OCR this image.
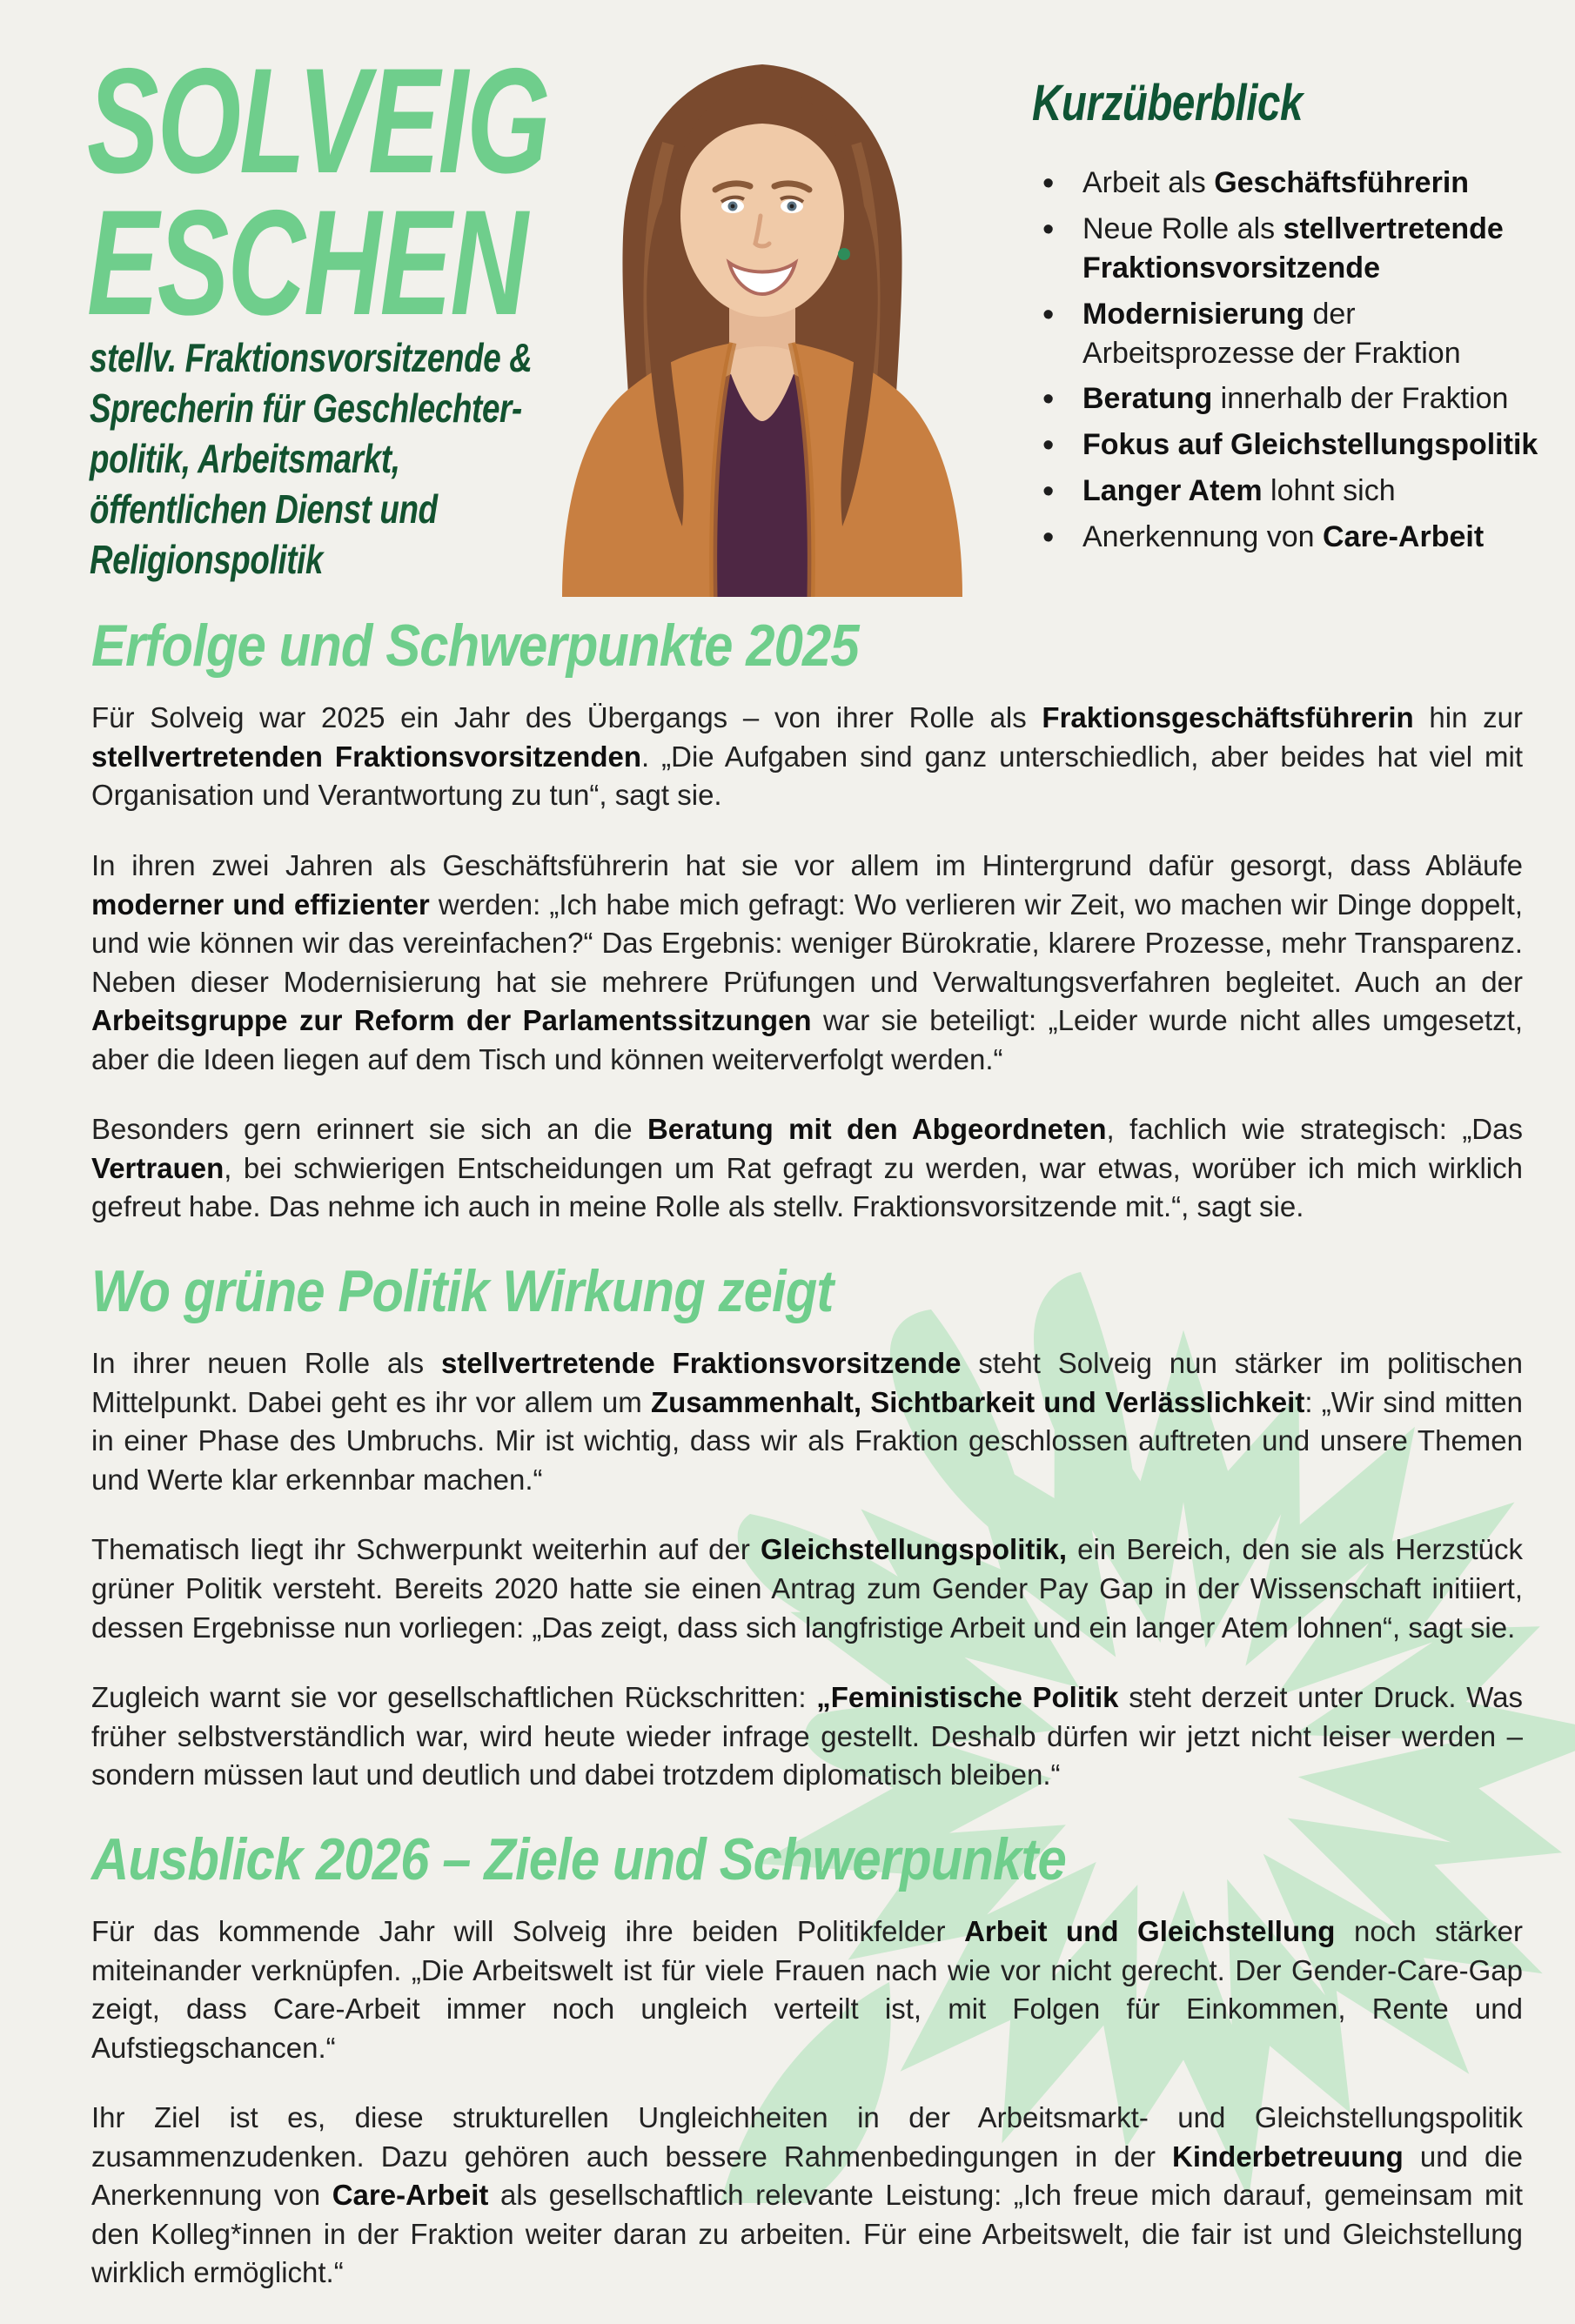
SOLVEIG
ESCHEN
stellv. Fraktionsvorsitzende &
Sprecherin für Geschlechter-
politik, Arbeitsmarkt,
öffentlichen Dienst und
Religionspolitik
Kurzüberblick
• Arbeit als Geschäftsführerin
• Neue Rolle als stellvertretende Fraktionsvorsitzende
• Modernisierung der Arbeitsprozesse der Fraktion
• Beratung innerhalb der Fraktion
• Fokus auf Gleichstellungspolitik
• Langer Atem lohnt sich
• Anerkennung von Care-Arbeit
Erfolge und Schwerpunkte 2025

Für Solveig war 2025 ein Jahr des Übergangs – von ihrer Rolle als Fraktionsgeschäftsführerin hin zur stellvertretenden Fraktionsvorsitzenden. „Die Aufgaben sind ganz unterschiedlich, aber beides hat viel mit Organisation und Verantwortung zu tun“, sagt sie.

In ihren zwei Jahren als Geschäftsführerin hat sie vor allem im Hintergrund dafür gesorgt, dass Abläufe moderner und effizienter werden: „Ich habe mich gefragt: Wo verlieren wir Zeit, wo machen wir Dinge doppelt, und wie können wir das vereinfachen?“ Das Ergebnis: weniger Bürokratie, klarere Prozesse, mehr Transparenz. Neben dieser Modernisierung hat sie mehrere Prüfungen und Verwaltungsverfahren begleitet. Auch an der Arbeitsgruppe zur Reform der Parlamentssitzungen war sie beteiligt: „Leider wurde nicht alles umgesetzt, aber die Ideen liegen auf dem Tisch und können weiterverfolgt werden.“

Besonders gern erinnert sie sich an die Beratung mit den Abgeordneten, fachlich wie strategisch: „Das Vertrauen, bei schwierigen Entscheidungen um Rat gefragt zu werden, war etwas, worüber ich mich wirklich gefreut habe. Das nehme ich auch in meine Rolle als stellv. Fraktionsvorsitzende mit.“, sagt sie.

Wo grüne Politik Wirkung zeigt

In ihrer neuen Rolle als stellvertretende Fraktionsvorsitzende steht Solveig nun stärker im politischen Mittelpunkt. Dabei geht es ihr vor allem um Zusammenhalt, Sichtbarkeit und Verlässlichkeit: „Wir sind mitten in einer Phase des Umbruchs. Mir ist wichtig, dass wir als Fraktion geschlossen auftreten und unsere Themen und Werte klar erkennbar machen.“

Thematisch liegt ihr Schwerpunkt weiterhin auf der Gleichstellungspolitik, ein Bereich, den sie als Herzstück grüner Politik versteht. Bereits 2020 hatte sie einen Antrag zum Gender Pay Gap in der Wissenschaft initiiert, dessen Ergebnisse nun vorliegen: „Das zeigt, dass sich langfristige Arbeit und ein langer Atem lohnen“, sagt sie.

Zugleich warnt sie vor gesellschaftlichen Rückschritten: „Feministische Politik steht derzeit unter Druck. Was früher selbstverständlich war, wird heute wieder infrage gestellt. Deshalb dürfen wir jetzt nicht leiser werden – sondern müssen laut und deutlich und dabei trotzdem diplomatisch bleiben.“

Ausblick 2026 – Ziele und Schwerpunkte

Für das kommende Jahr will Solveig ihre beiden Politikfelder Arbeit und Gleichstellung noch stärker miteinander verknüpfen. „Die Arbeitswelt ist für viele Frauen nach wie vor nicht gerecht. Der Gender-Care-Gap zeigt, dass Care-Arbeit immer noch ungleich verteilt ist, mit Folgen für Einkommen, Rente und Aufstiegschancen.“

Ihr Ziel ist es, diese strukturellen Ungleichheiten in der Arbeitsmarkt- und Gleichstellungspolitik zusammenzudenken. Dazu gehören auch bessere Rahmenbedingungen in der Kinderbetreuung und die Anerkennung von Care-Arbeit als gesellschaftlich relevante Leistung: „Ich freue mich darauf, gemeinsam mit den Kolleg*innen in der Fraktion weiter daran zu arbeiten. Für eine Arbeitswelt, die fair ist und Gleichstellung wirklich ermöglicht.“
